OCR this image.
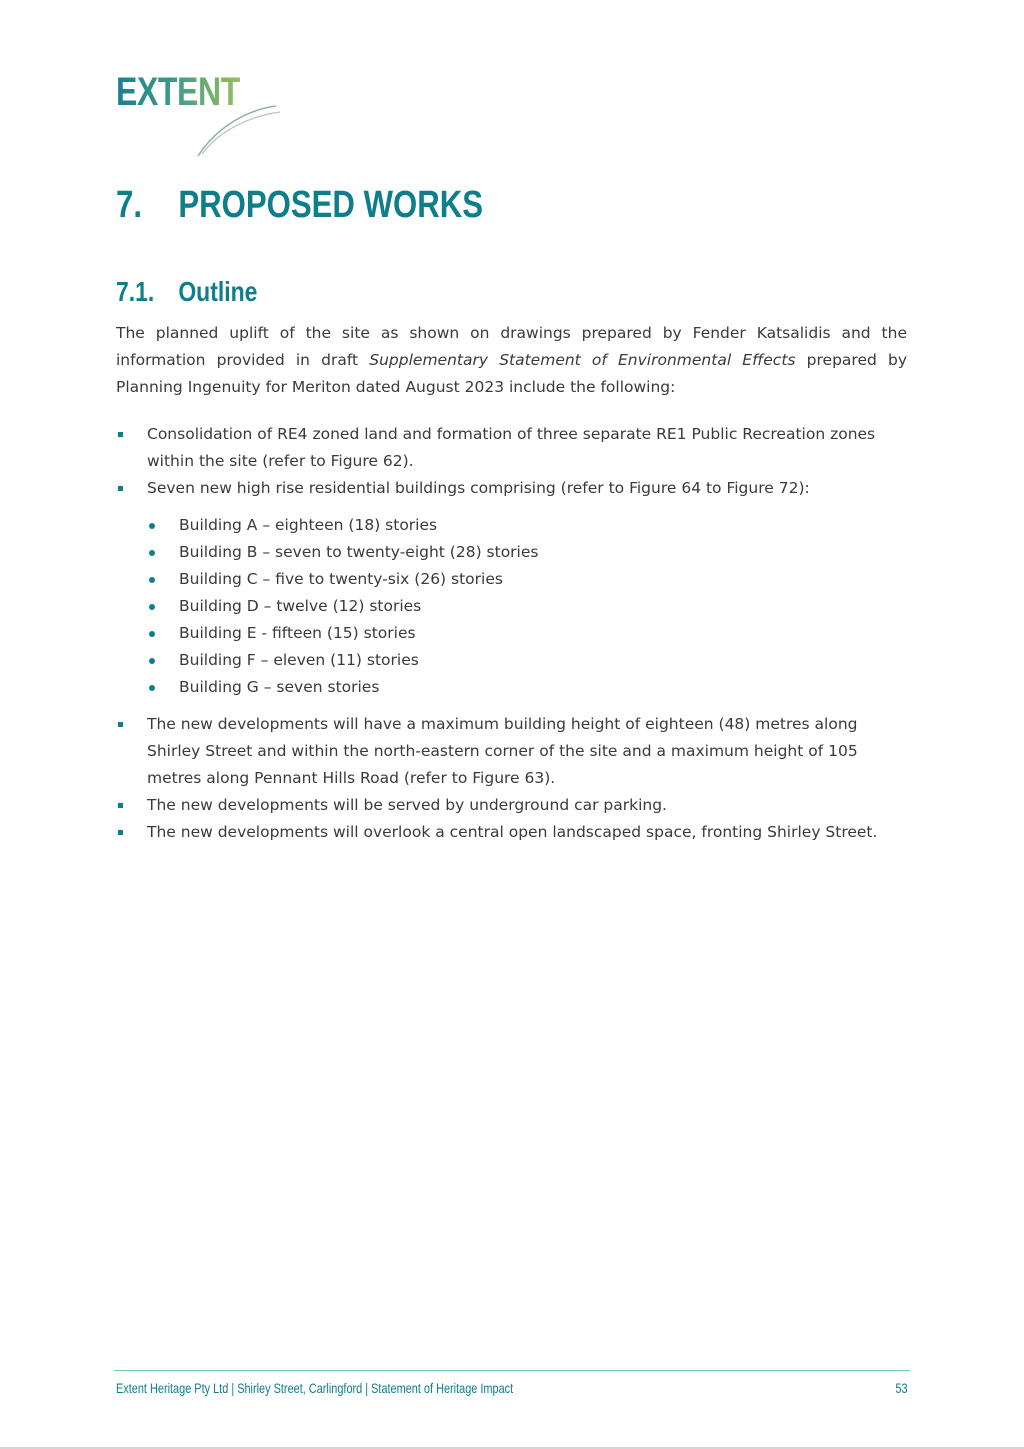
EXTENT
7. PROPOSED WORKS
7.1. Outline

The planned uplift of the site as shown on drawings prepared by Fender Katsalidis and the information provided in draft Supplementary Statement of Environmental Effects prepared by Planning Ingenuity for Meriton dated August 2023 include the following:

Consolidation of RE4 zoned land and formation of three separate RE1 Public Recreation zones within the site (refer to Figure 62).
Seven new high rise residential buildings comprising (refer to Figure 64 to Figure 72):
Building A – eighteen (18) stories
Building B – seven to twenty-eight (28) stories
Building C – five to twenty-six (26) stories
Building D – twelve (12) stories
Building E - fifteen (15) stories
Building F – eleven (11) stories
Building G – seven stories
The new developments will have a maximum building height of eighteen (48) metres along Shirley Street and within the north-eastern corner of the site and a maximum height of 105 metres along Pennant Hills Road (refer to Figure 63).
The new developments will be served by underground car parking.
The new developments will overlook a central open landscaped space, fronting Shirley Street.
Extent Heritage Pty Ltd | Shirley Street, Carlingford | Statement of Heritage Impact	53
